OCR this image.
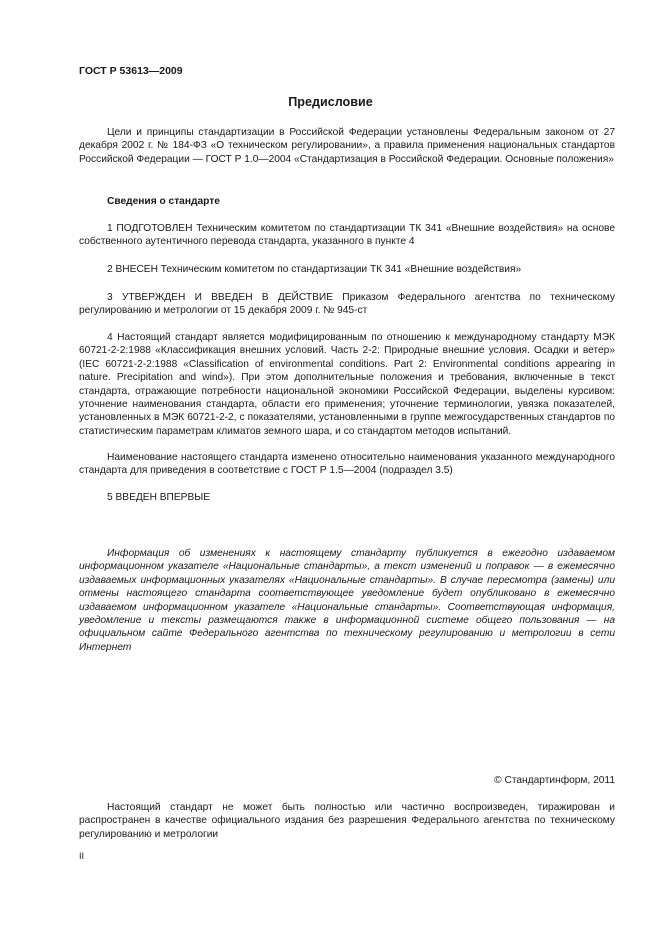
ГОСТ Р 53613—2009
Предисловие

Цели и принципы стандартизации в Российской Федерации установлены Федеральным законом от 27 декабря 2002 г. № 184-ФЗ «О техническом регулировании», а правила применения национальных стандартов Российской Федерации — ГОСТ Р 1.0—2004 «Стандартизация в Российской Федерации. Основные положения»

Сведения о стандарте

1 ПОДГОТОВЛЕН Техническим комитетом по стандартизации ТК 341 «Внешние воздействия» на основе собственного аутентичного перевода стандарта, указанного в пункте 4

2 ВНЕСЕН Техническим комитетом по стандартизации ТК 341 «Внешние воздействия»

3 УТВЕРЖДЕН И ВВЕДЕН В ДЕЙСТВИЕ Приказом Федерального агентства по техническому регулированию и метрологии от 15 декабря 2009 г. № 945-ст

4 Настоящий стандарт является модифицированным по отношению к международному стандарту МЭК 60721-2-2:1988 «Классификация внешних условий. Часть 2-2: Природные внешние условия. Осадки и ветер» (IEC 60721-2-2:1988 «Classification of environmental conditions. Part 2: Environmental conditions appearing in nature. Precipitation and wind»). При этом дополнительные положения и требования, включенные в текст стандарта, отражающие потребности национальной экономики Российской Федерации, выделены курсивом: уточнение наименования стандарта, области его применения; уточнение терминологии, увязка показателей, установленных в МЭК 60721-2-2, с показателями, установленными в группе межгосударственных стандартов по статистическим параметрам климатов земного шара, и со стандартом методов испытаний.

Наименование настоящего стандарта изменено относительно наименования указанного международного стандарта для приведения в соответствие с ГОСТ Р 1.5—2004 (подраздел 3.5)

5 ВВЕДЕН ВПЕРВЫЕ

Информация об изменениях к настоящему стандарту публикуется в ежегодно издаваемом информационном указателе «Национальные стандарты», а текст изменений и поправок — в ежемесячно издаваемых информационных указателях «Национальные стандарты». В случае пересмотра (замены) или отмены настоящего стандарта соответствующее уведомление будет опубликовано в ежемесячно издаваемом информационном указателе «Национальные стандарты». Соответствующая информация, уведомление и тексты размещаются также в информационной системе общего пользования — на официальном сайте Федерального агентства по техническому регулированию и метрологии в сети Интернет

© Стандартинформ, 2011

Настоящий стандарт не может быть полностью или частично воспроизведен, тиражирован и распространен в качестве официального издания без разрешения Федерального агентства по техническому регулированию и метрологии

II
